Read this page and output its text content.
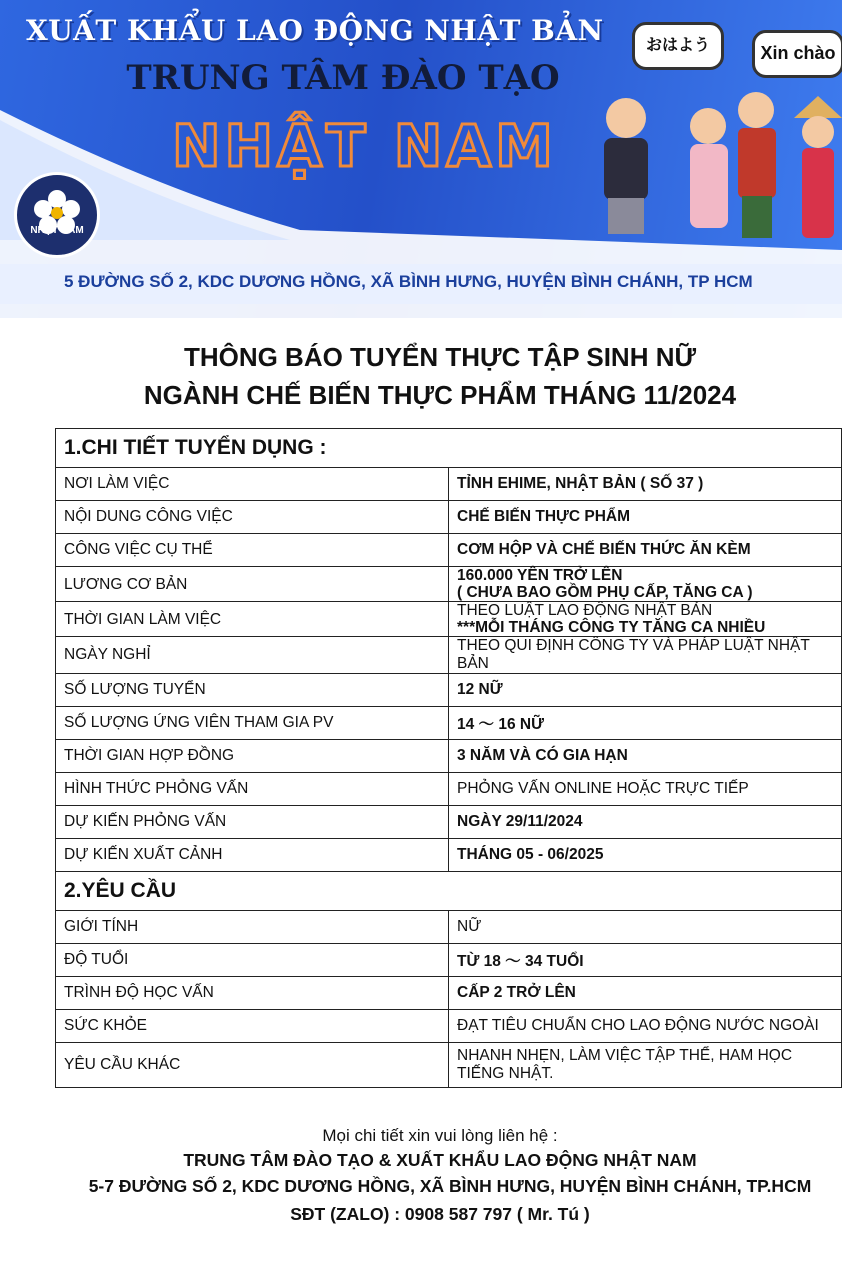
XUẤT KHẨU LAO ĐỘNG NHẬT BẢN
TRUNG TÂM ĐÀO TẠO
NHẬT NAM
おはよう	Xin chào
NHẬT NAM
5 ĐƯỜNG SỐ 2, KDC DƯƠNG HỒNG, XÃ BÌNH HƯNG, HUYỆN BÌNH CHÁNH, TP HCM
THÔNG BÁO TUYỂN THỰC TẬP SINH NỮ
NGÀNH CHẾ BIẾN THỰC PHẨM THÁNG 11/2024
1.CHI TIẾT TUYỂN DỤNG :	
NƠI LÀM VIỆC	TỈNH EHIME, NHẬT BẢN ( SỐ 37 )
NỘI DUNG CÔNG VIỆC	CHẾ BIẾN THỰC PHẨM
CÔNG VIỆC CỤ THỂ	CƠM HỘP VÀ CHẾ BIẾN THỨC ĂN KÈM
LƯƠNG CƠ BẢN	160.000 YÊN TRỞ LÊN
( CHƯA BAO GỒM PHỤ CẤP, TĂNG CA )

THỜI GIAN LÀM VIỆC	THEO LUẬT LAO ĐỘNG NHẬT BẢN
***MỖI THÁNG CÔNG TY TĂNG CA NHIỀU

NGÀY NGHỈ	THEO QUI ĐỊNH CÔNG TY VÀ PHÁP LUẬT NHẬT BẢN
SỐ LƯỢNG TUYỂN	12 NỮ
SỐ LƯỢNG ỨNG VIÊN THAM GIA PV	14 ～ 16 NỮ
THỜI GIAN HỢP ĐỒNG	3 NĂM VÀ CÓ GIA HẠN
HÌNH THỨC PHỎNG VẤN	PHỎNG VẤN ONLINE HOẶC TRỰC TIẾP
DỰ KIẾN PHỎNG VẤN	NGÀY 29/11/2024
DỰ KIẾN XUẤT CẢNH	THÁNG 05 - 06/2025
2.YÊU CẦU	
GIỚI TÍNH	NỮ
ĐỘ TUỔI	TỪ 18 ～ 34 TUỔI
TRÌNH ĐỘ HỌC VẤN	CẤP 2 TRỞ LÊN
SỨC KHỎE	ĐẠT TIÊU CHUẨN CHO LAO ĐỘNG NƯỚC NGOÀI
YÊU CẦU KHÁC	NHANH NHẸN, LÀM VIỆC TẬP THỂ, HAM HỌC TIẾNG NHẬT.
Mọi chi tiết xin vui lòng liên hệ :
TRUNG TÂM ĐÀO TẠO & XUẤT KHẨU LAO ĐỘNG NHẬT NAM
5-7 ĐƯỜNG SỐ 2, KDC DƯƠNG HỒNG, XÃ BÌNH HƯNG, HUYỆN BÌNH CHÁNH, TP.HCM
SĐT (ZALO) : 0908 587 797 ( Mr. Tú )
